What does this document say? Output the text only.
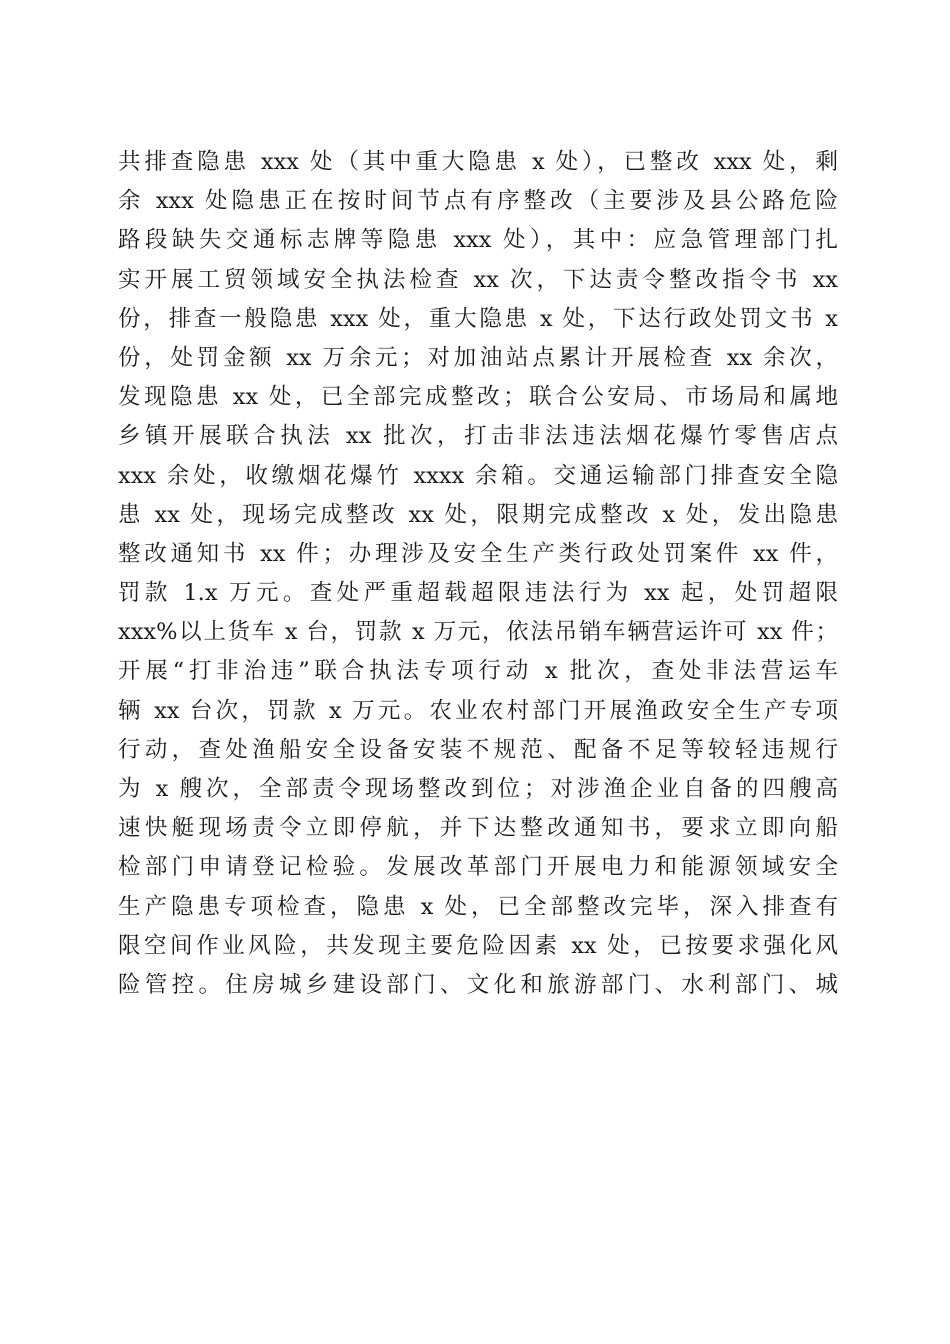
共排查隐患 xxx 处（其中重大隐患 x 处），已整改 xxx 处，剩
余 xxx 处隐患正在按时间节点有序整改（主要涉及县公路危险
路段缺失交通标志牌等隐患 xxx 处），其中：应急管理部门扎
实开展工贸领域安全执法检查 xx 次，下达责令整改指令书 xx
份，排查一般隐患 xxx 处，重大隐患 x 处，下达行政处罚文书 x
份，处罚金额 xx 万余元；对加油站点累计开展检查 xx 余次，
发现隐患 xx 处，已全部完成整改；联合公安局、市场局和属地
乡镇开展联合执法 xx 批次，打击非法违法烟花爆竹零售店点
xxx 余处，收缴烟花爆竹 xxxx 余箱。交通运输部门排查安全隐
患 xx 处，现场完成整改 xx 处，限期完成整改 x 处，发出隐患
整改通知书 xx 件；办理涉及安全生产类行政处罚案件 xx 件，
罚款 1.x 万元。查处严重超载超限违法行为 xx 起，处罚超限
xxx%以上货车 x 台，罚款 x 万元，依法吊销车辆营运许可 xx 件；
开展“打非治违”联合执法专项行动 x 批次，查处非法营运车
辆 xx 台次，罚款 x 万元。农业农村部门开展渔政安全生产专项
行动，查处渔船安全设备安装不规范、配备不足等较轻违规行
为 x 艘次，全部责令现场整改到位；对涉渔企业自备的四艘高
速快艇现场责令立即停航，并下达整改通知书，要求立即向船
检部门申请登记检验。发展改革部门开展电力和能源领域安全
生产隐患专项检查，隐患 x 处，已全部整改完毕，深入排查有
限空间作业风险，共发现主要危险因素 xx 处，已按要求强化风
险管控。住房城乡建设部门、文化和旅游部门、水利部门、城
